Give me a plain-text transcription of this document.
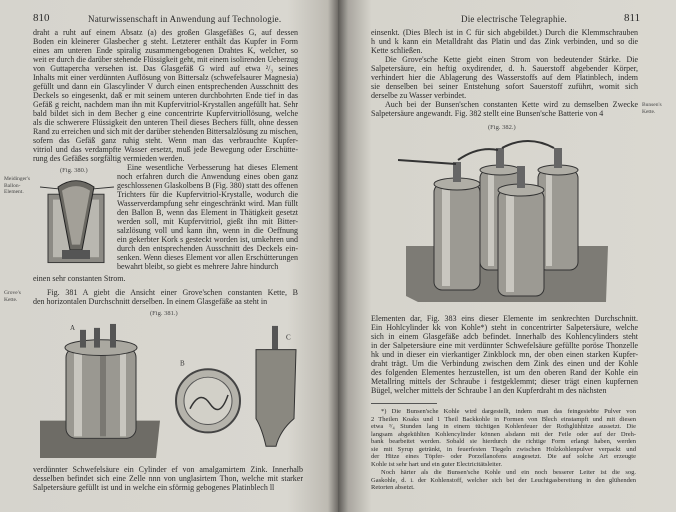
810	Naturwissenschaft in Anwendung auf Technologie.
draht a ruht auf einem Absatz (a) des großen Glasgefäßes G, auf dessen
Boden ein kleinerer Glasbecher g steht. Letzterer enthält das Kupfer in Form
eines am unteren Ende spiralig zusammengebogenen Drahtes K, welcher, so
weit er durch die darüber stehende Flüssigkeit geht, mit einem isolirenden Ueberzug
von Guttapercha versehen ist. Das Glasgefäß G wird auf etwa ²/₃ seines
Inhalts mit einer verdünnten Auflösung von Bittersalz (schwefelsaurer Magnesia)
gefüllt und dann ein Glascylinder V durch einen entsprechenden Ausschnitt des
Deckels so eingesenkt, daß er mit seinem unteren durchbohrten Ende tief in das
Gefäß g reicht, nachdem man ihn mit Kupfervitriol-Krystallen angefüllt hat. Sehr
bald bildet sich in dem Becher g eine concentrirte Kupfervitriollösung, welche
als die schwerere Flüssigkeit den unteren Theil dieses Bechers füllt, ohne dessen
Rand zu erreichen und sich mit der darüber stehenden Bittersalzlösung zu mischen,
sofern das Gefäß ganz ruhig steht. Wenn man das verbrauchte Kupfer-
vitriol und das verdampfte Wasser ersetzt, muß jede Bewegung oder Erschütte-
rung des Gefäßes sorgfältig vermieden werden.
Meidinger's Ballon-Element.
(Fig. 380.)	Eine wesentliche Verbesserung hat dieses Element
noch erfahren durch die Anwendung eines oben ganz
geschlossenen Glaskolbens B (Fig. 380) statt des offenen
Trichters für die Kupfervitriol-Krystalle, wodurch die
Wasserverdampfung sehr eingeschränkt wird. Man füllt
den Ballon B, wenn das Element in Thätigkeit gesetzt
werden soll, mit Kupfervitriol, gießt ihn mit Bitter-
salzlösung voll und kann ihn, wenn in die Oeffnung
ein gekerbter Kork s gesteckt worden ist, umkehren und
durch den entsprechenden Ausschnitt des Deckels ein-
senken. Wenn dieses Element vor allen Erschütterungen
bewahrt bleibt, so giebt es mehrere Jahre hindurch
einen sehr constanten Strom.
Grove's Kette.
Fig. 381 A giebt die Ansicht einer Grove'schen constanten Kette, B
den horizontalen Durchschnitt derselben. In einem Glasgefäße aa steht in
(Fig. 381.)
A
B
C
verdünnter Schwefelsäure ein Cylinder ef von amalgamirtem Zink. Innerhalb
desselben befindet sich eine Zelle nnn von unglasirtem Thon, welche mit starker
Salpetersäure gefüllt ist und in welche ein sförmig gebogenes Platinblech ll
Die electrische Telegraphie.	811
einsenkt. (Dies Blech ist in C für sich abgebildet.) Durch die Klemmschrauben
h und k kann ein Metalldraht das Platin und das Zink verbinden, und so die
Kette schließen.
Die Grove'sche Kette giebt einen Strom von bedeutender Stärke. Die
Salpetersäure, ein heftig oxydirender, d. h. Sauerstoff abgebender Körper,
verhindert hier die Ablagerung des Wasserstoffs auf dem Platinblech, indem
sie denselben bei seiner Entstehung sofort Sauerstoff zuführt, womit sich
derselbe zu Wasser verbindet.
Auch bei der Bunsen'schen constanten Kette wird zu demselben Zwecke
Salpetersäure angewandt. Fig. 382 stellt eine Bunsen'sche Batterie von 4
Bunsen's Kette.
(Fig. 382.)
Elementen dar, Fig. 383 eins dieser Elemente im senkrechten Durchschnitt.
Ein Hohlcylinder kk von Kohle*) steht in concentrirter Salpetersäure, welche
sich in einem Glasgefäße adcb befindet. Innerhalb des Kohlencylinders steht
in der Salpetersäure eine mit verdünnter Schwefelsäure gefüllte poröse Thonzelle
hk und in dieser ein vierkantiger Zinkblock mn, der oben einen starken Kupfer-
draht trägt. Um die Verbindung zwischen dem Zink des einen und der Kohle
des folgenden Elementes herzustellen, ist um den oberen Rand der Kohle ein
Metallring mittels der Schraube i festgeklemmt; dieser trägt einen kupfernen
Bügel, welcher mittels der Schraube l an den Kupferdraht m des nächsten
*) Die Bunsen'sche Kohle wird dargestellt, indem man das feingesiebte Pulver von
2 Theilen Koaks und 1 Theil Backkohle in Formen von Blech einstampft und mit diesen
etwa ³/₄ Stunden lang in einem tüchtigen Kohlenfeuer der Rothglühhitze aussetzt. Die
langsam abgekühlten Kohlencylinder können alsdann mit der Feile oder auf der Dreh-
bank bearbeitet werden. Sobald sie hierdurch die richtige Form erlangt haben, werden
sie mit Syrup getränkt, in feuerfesten Tiegeln zwischen Holzkohlenpulver verpackt und
der Hitze eines Töpfer- oder Porzellanofens ausgesetzt. Die auf solche Art erzeugte
Kohle ist sehr hart und ein guter Electricitätsleiter.
Noch härter als die Bunsen'sche Kohle und ein noch besserer Leiter ist die sog.
Gaskohle, d. i. der Kohlenstoff, welcher sich bei der Leuchtgasbereitung in den glühenden
Retorten absetzt.
